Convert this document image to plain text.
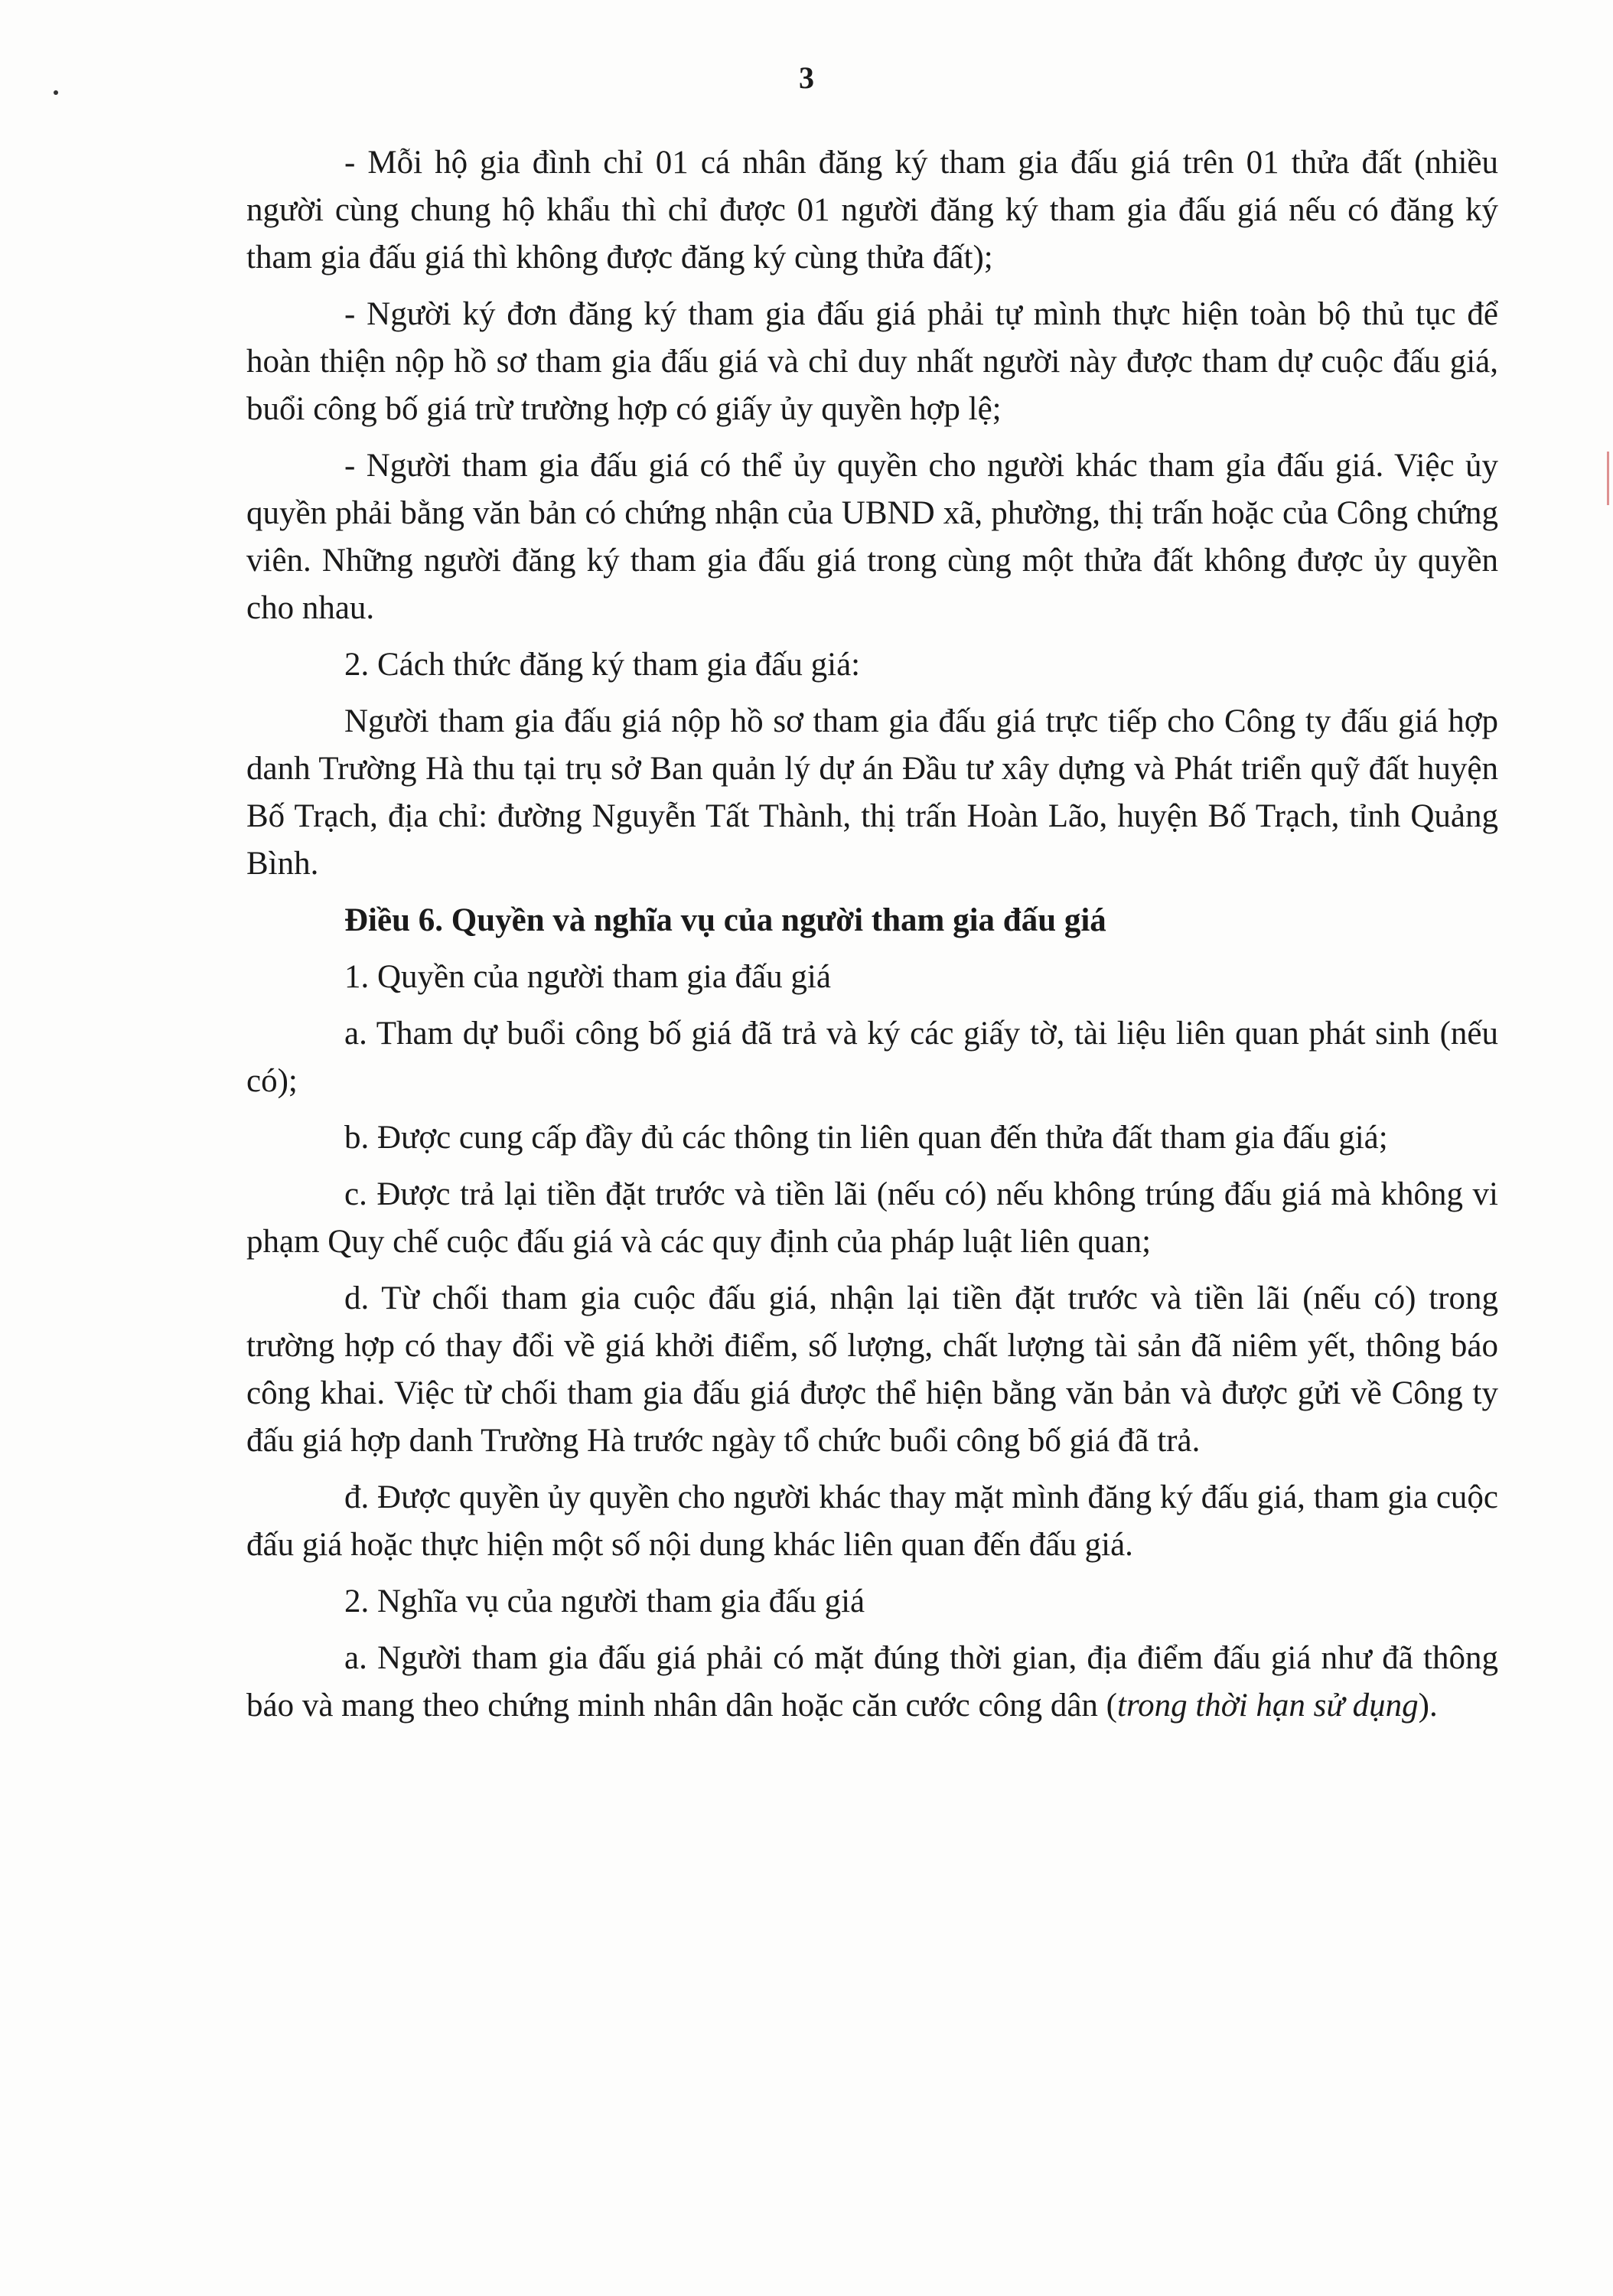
3

- Mỗi hộ gia đình chỉ 01 cá nhân đăng ký tham gia đấu giá trên 01 thửa đất (nhiều người cùng chung hộ khẩu thì chỉ được 01 người đăng ký tham gia đấu giá nếu có đăng ký tham gia đấu giá thì không được đăng ký cùng thửa đất);

- Người ký đơn đăng ký tham gia đấu giá phải tự mình thực hiện toàn bộ thủ tục để hoàn thiện nộp hồ sơ tham gia đấu giá và chỉ duy nhất người này được tham dự cuộc đấu giá, buổi công bố giá trừ trường hợp có giấy ủy quyền hợp lệ;

- Người tham gia đấu giá có thể ủy quyền cho người khác tham gỉa đấu giá. Việc ủy quyền phải bằng văn bản có chứng nhận của UBND xã, phường, thị trấn hoặc của Công chứng viên. Những người đăng ký tham gia đấu giá trong cùng một thửa đất không được ủy quyền cho nhau.

2. Cách thức đăng ký tham gia đấu giá:

Người tham gia đấu giá nộp hồ sơ tham gia đấu giá trực tiếp cho Công ty đấu giá hợp danh Trường Hà thu tại trụ sở Ban quản lý dự án Đầu tư xây dựng và Phát triển quỹ đất huyện Bố Trạch, địa chỉ: đường Nguyễn Tất Thành, thị trấn Hoàn Lão, huyện Bố Trạch, tỉnh Quảng Bình.

Điều 6. Quyền và nghĩa vụ của người tham gia đấu giá

1. Quyền của người tham gia đấu giá

a. Tham dự buổi công bố giá đã trả và ký các giấy tờ, tài liệu liên quan phát sinh (nếu có);

b. Được cung cấp đầy đủ các thông tin liên quan đến thửa đất tham gia đấu giá;

c. Được trả lại tiền đặt trước và tiền lãi (nếu có) nếu không trúng đấu giá mà không vi phạm Quy chế cuộc đấu giá và các quy định của pháp luật liên quan;

d. Từ chối tham gia cuộc đấu giá, nhận lại tiền đặt trước và tiền lãi (nếu có) trong trường hợp có thay đổi về giá khởi điểm, số lượng, chất lượng tài sản đã niêm yết, thông báo công khai. Việc từ chối tham gia đấu giá được thể hiện bằng văn bản và được gửi về Công ty đấu giá hợp danh Trường Hà trước ngày tổ chức buổi công bố giá đã trả.

đ. Được quyền ủy quyền cho người khác thay mặt mình đăng ký đấu giá, tham gia cuộc đấu giá hoặc thực hiện một số nội dung khác liên quan đến đấu giá.

2. Nghĩa vụ của người tham gia đấu giá

a. Người tham gia đấu giá phải có mặt đúng thời gian, địa điểm đấu giá như đã thông báo và mang theo chứng minh nhân dân hoặc căn cước công dân (trong thời hạn sử dụng).
